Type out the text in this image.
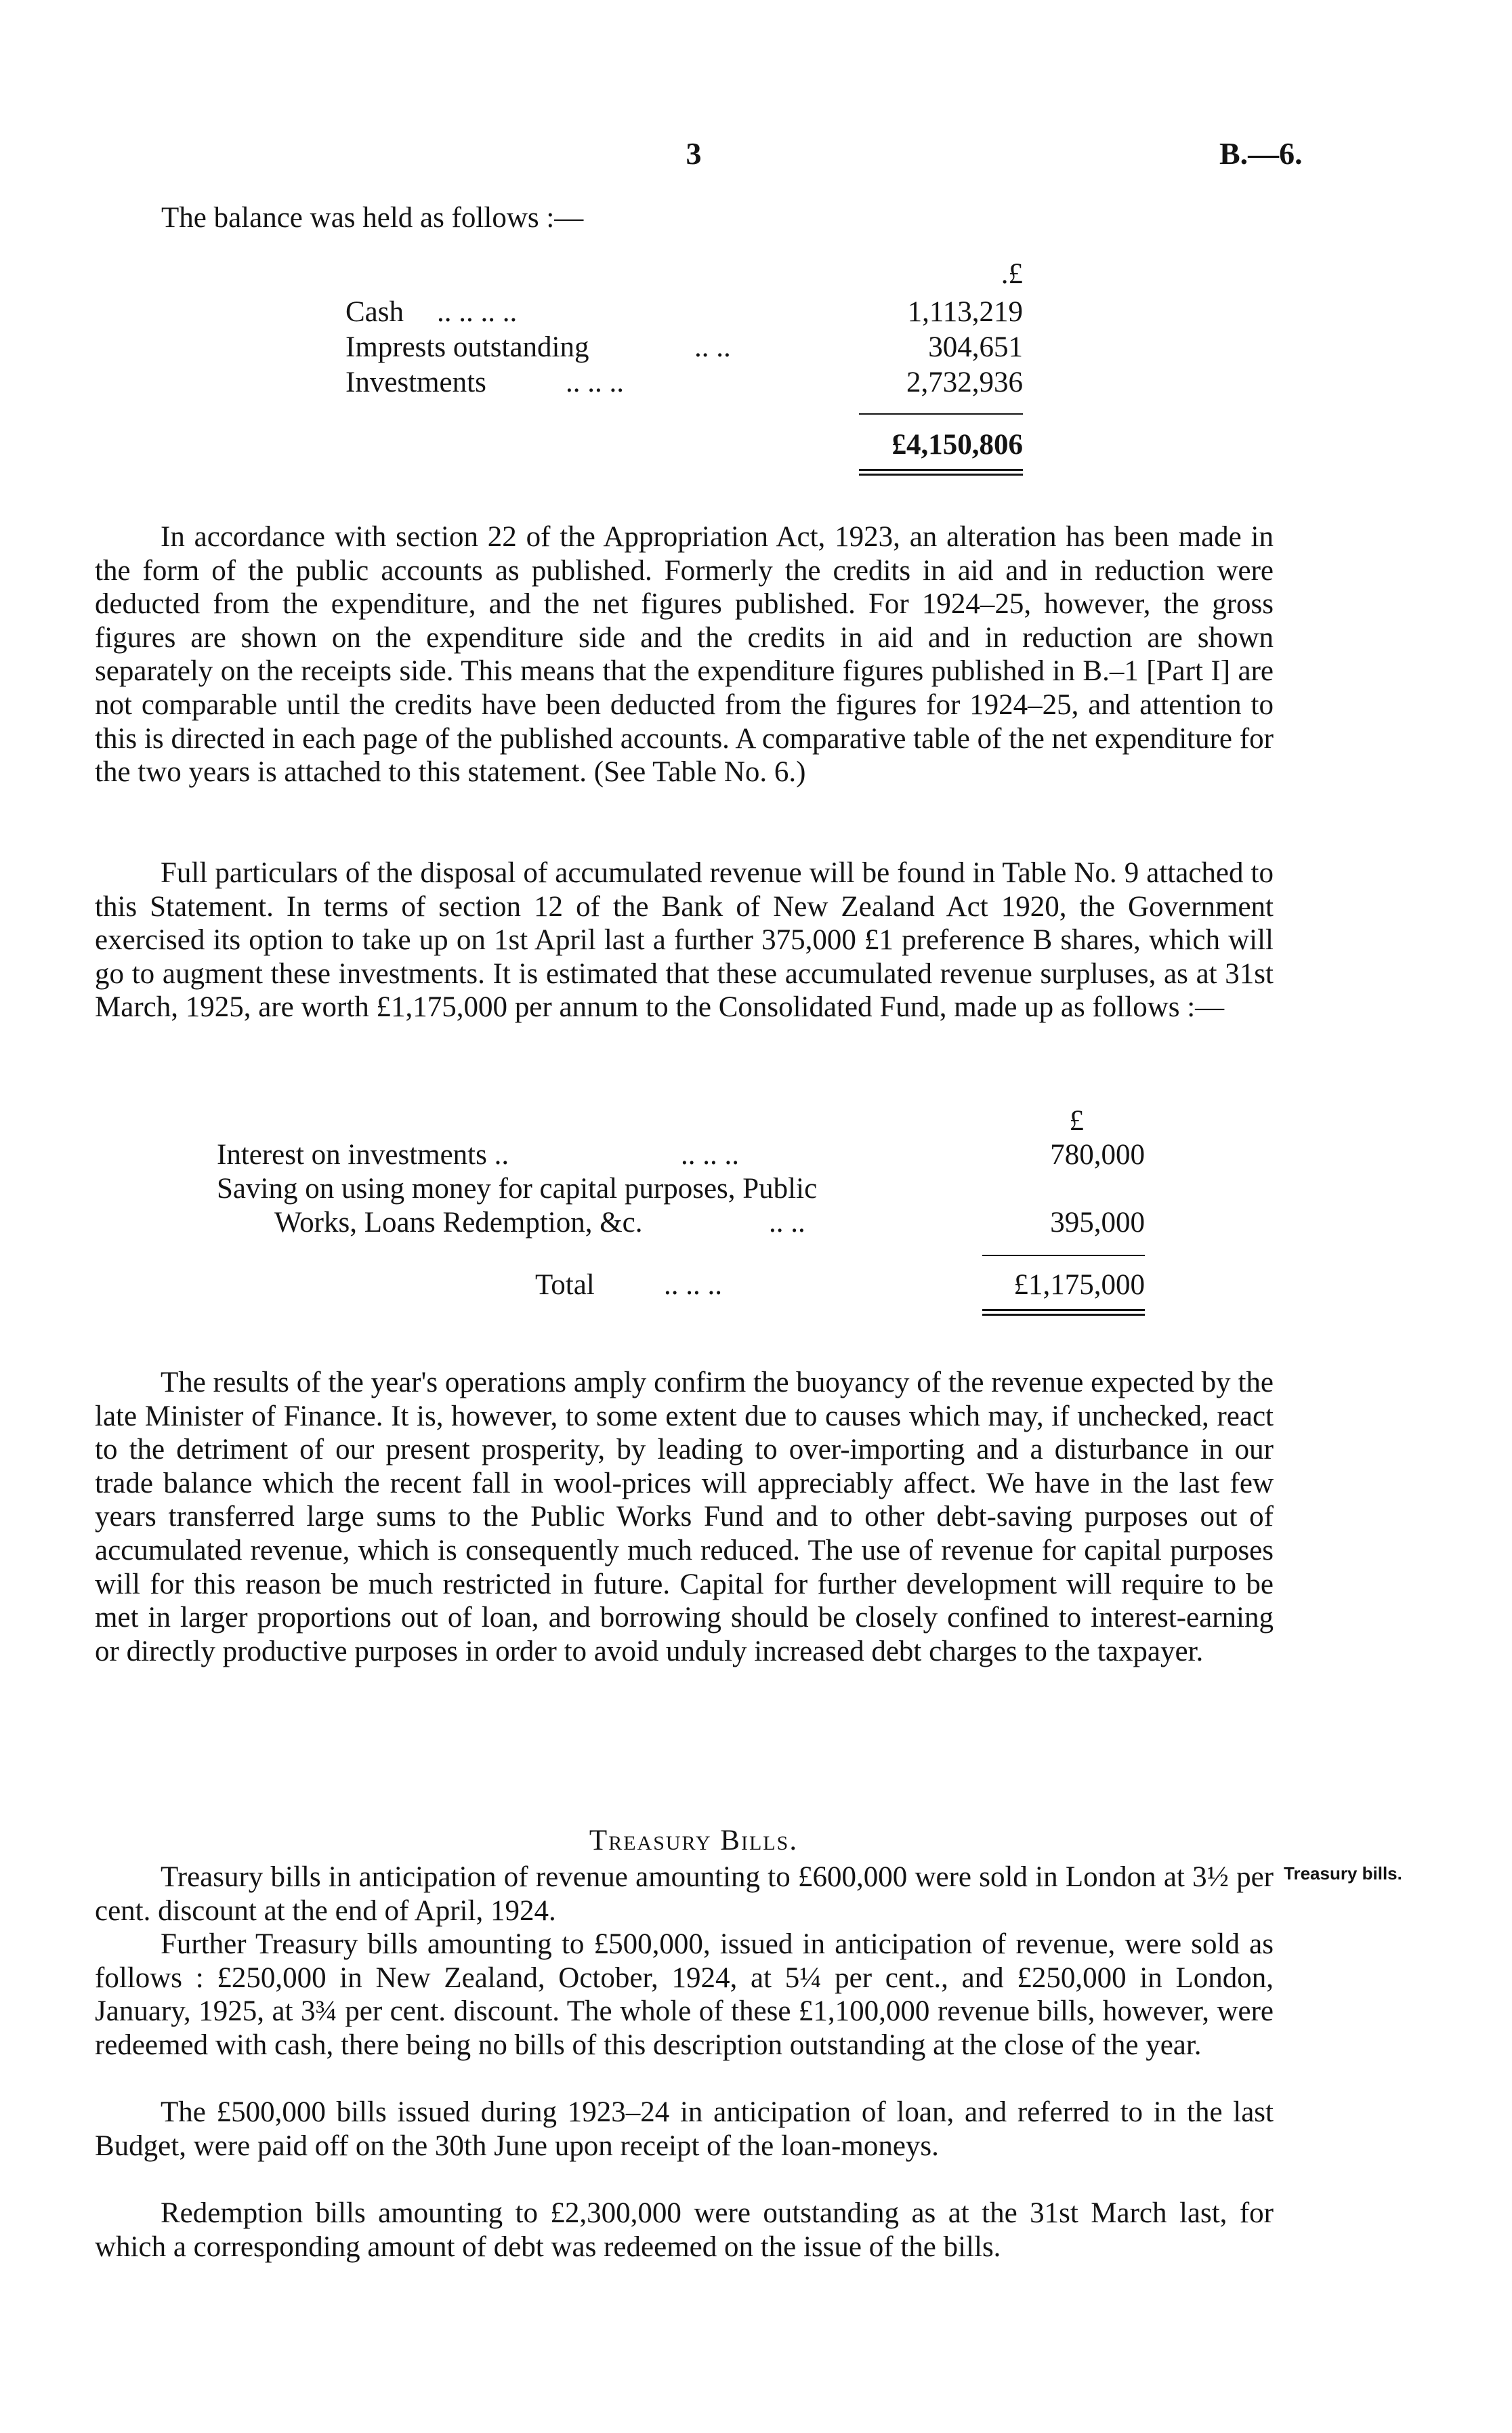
3	B.—6.
The balance was held as follows :—
.£
Cash .. .. .. ..	1,113,219
Imprests outstanding	.. ..	304,651
Investments	.. .. ..	2,732,936
£4,150,806

In accordance with section 22 of the Appropriation Act, 1923, an alteration has been made in the form of the public accounts as published. Formerly the credits in aid and in reduction were deducted from the expenditure, and the net figures published. For 1924–25, however, the gross figures are shown on the expenditure side and the credits in aid and in reduction are shown separately on the receipts side. This means that the expenditure figures published in B.–1 [Part I] are not comparable until the credits have been deducted from the figures for 1924–25, and attention to this is directed in each page of the published accounts. A comparative table of the net expenditure for the two years is attached to this statement. (See Table No. 6.)

Full particulars of the disposal of accumulated revenue will be found in Table No. 9 attached to this Statement. In terms of section 12 of the Bank of New Zealand Act 1920, the Government exercised its option to take up on 1st April last a further 375,000 £1 preference B shares, which will go to augment these investments. It is estimated that these accumulated revenue surpluses, as at 31st March, 1925, are worth £1,175,000 per annum to the Consolidated Fund, made up as follows :—

£
Interest on investments ..	.. .. ..	780,000
Saving on using money for capital purposes, Public
Works, Loans Redemption, &c.	.. ..	395,000
Total .. .. ..	£1,175,000

The results of the year's operations amply confirm the buoyancy of the revenue expected by the late Minister of Finance. It is, however, to some extent due to causes which may, if unchecked, react to the detriment of our present prosperity, by leading to over-importing and a disturbance in our trade balance which the recent fall in wool-prices will appreciably affect. We have in the last few years transferred large sums to the Public Works Fund and to other debt-saving purposes out of accumulated revenue, which is consequently much reduced. The use of revenue for capital purposes will for this reason be much restricted in future. Capital for further development will require to be met in larger proportions out of loan, and borrowing should be closely confined to interest-earning or directly productive purposes in order to avoid unduly increased debt charges to the taxpayer.

Treasury Bills.
Treasury bills.

Treasury bills in anticipation of revenue amounting to £600,000 were sold in London at 3½ per cent. discount at the end of April, 1924.

Further Treasury bills amounting to £500,000, issued in anticipation of revenue, were sold as follows : £250,000 in New Zealand, October, 1924, at 5¼ per cent., and £250,000 in London, January, 1925, at 3¾ per cent. discount. The whole of these £1,100,000 revenue bills, however, were redeemed with cash, there being no bills of this description outstanding at the close of the year.

The £500,000 bills issued during 1923–24 in anticipation of loan, and referred to in the last Budget, were paid off on the 30th June upon receipt of the loan-moneys.

Redemption bills amounting to £2,300,000 were outstanding as at the 31st March last, for which a corresponding amount of debt was redeemed on the issue of the bills.
